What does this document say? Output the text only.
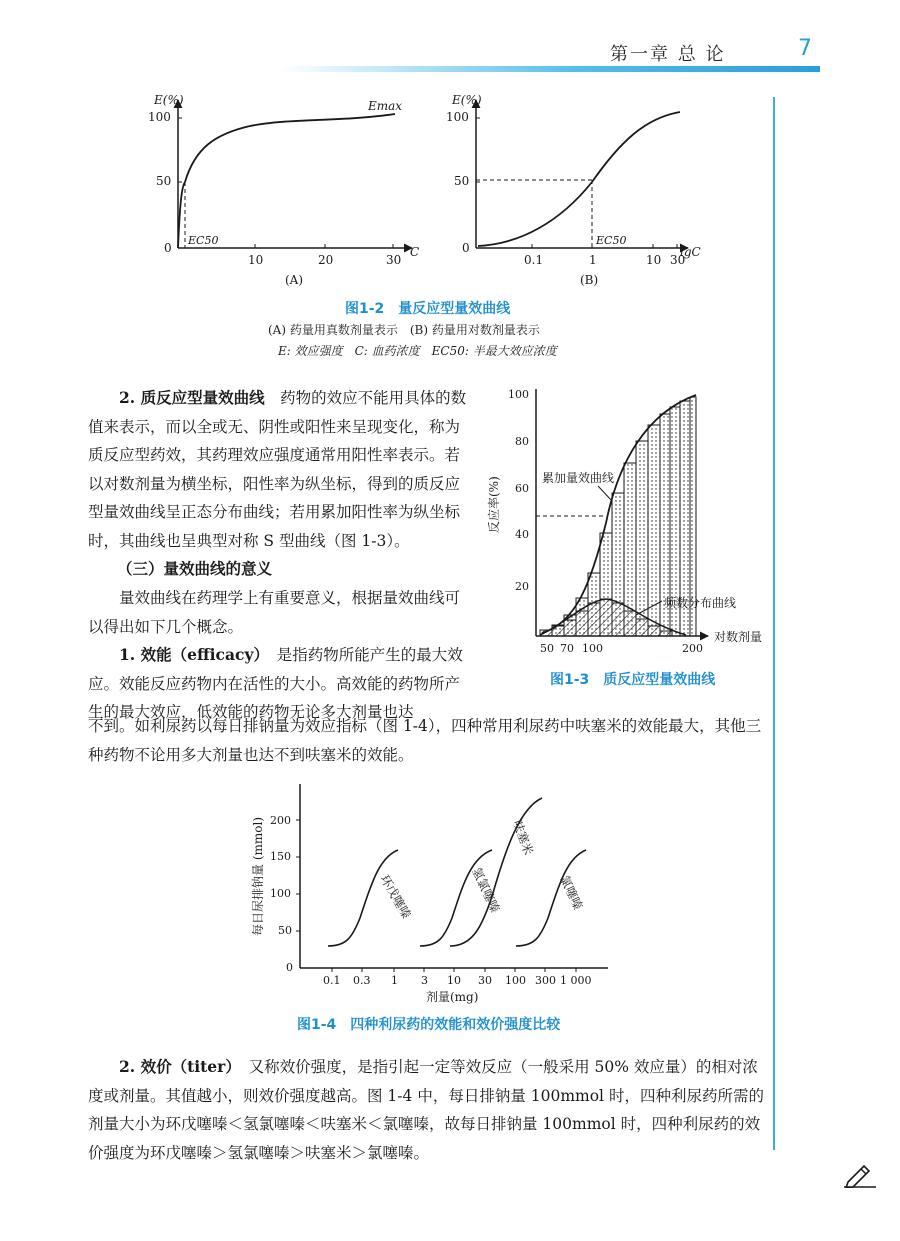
第一章 总 论	7
E(%)
100
50
0
10	20	30
C
Emax
EC50
(A)
E(%)
100
50
0
0.1	1	10 30
lgC
EC50
(B)
图1-2　量反应型量效曲线
(A) 药量用真数剂量表示　(B) 药量用对数剂量表示
E: 效应强度　C: 血药浓度　EC50: 半最大效应浓度
100
80
60
40
20
反应率(%)
50 70 100	200
对数剂量
累加量效曲线
频数分布曲线
图1-3　质反应型量效曲线

2. 质反应型量效曲线　 药物的效应不能用具体的数值来表示，而以全或无、阴性或阳性来呈现变化，称为质反应型药效，其药理效应强度通常用阳性率表示。若以对数剂量为横坐标，阳性率为纵坐标，得到的质反应型量效曲线呈正态分布曲线；若用累加阳性率为纵坐标时，其曲线也呈典型对称 S 型曲线（图 1-3）。

（三）量效曲线的意义

量效曲线在药理学上有重要意义，根据量效曲线可以得出如下几个概念。

1. 效能（efficacy）　 是指药物所能产生的最大效应。效能反应药物内在活性的大小。高效能的药物所产生的最大效应，低效能的药物无论多大剂量也达

不到。如利尿药以每日排钠量为效应指标（图 1-4），四种常用利尿药中呋塞米的效能最大，其他三种药物不论用多大剂量也达不到呋塞米的效能。

每日尿排钠量 (mmol) 200
150
100
50
0
0.1 0.3 1 3 10 30 100 300 1 000
剂量(mg)
环戊噻嗪	氢氯噻嗪
呋塞米
氯噻嗪
图1-4　四种利尿药的效能和效价强度比较

2. 效价（titer）　 又称效价强度，是指引起一定等效反应（一般采用 50% 效应量）的相对浓度或剂量。其值越小，则效价强度越高。图 1-4 中，每日排钠量 100mmol 时，四种利尿药所需的剂量大小为环戊噻嗪＜氢氯噻嗪＜呋塞米＜氯噻嗪，故每日排钠量 100mmol 时，四种利尿药的效价强度为环戊噻嗪＞氢氯噻嗪＞呋塞米＞氯噻嗪。
